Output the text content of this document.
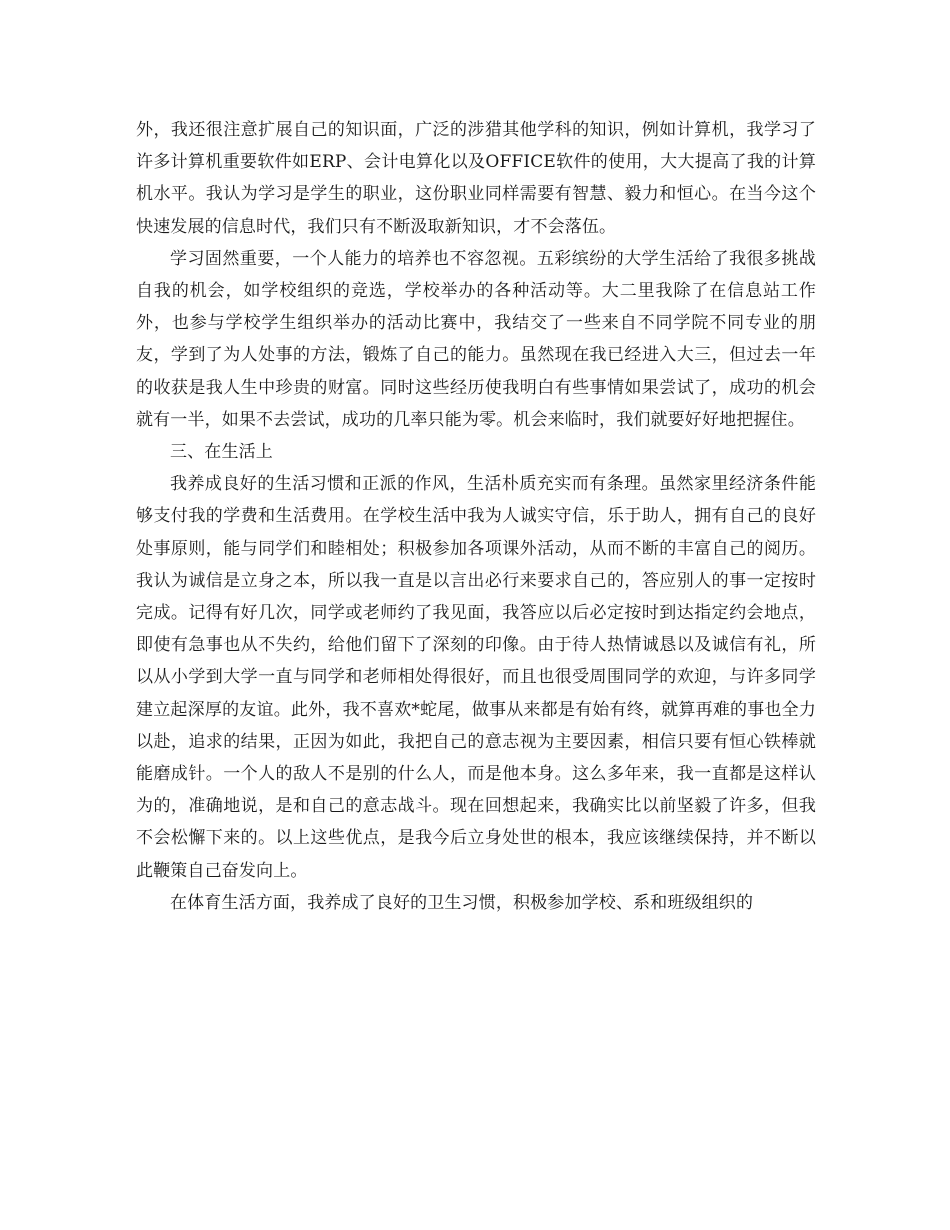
外，我还很注意扩展自己的知识面，广泛的涉猎其他学科的知识，例如计算机，我学习了许多计算机重要软件如ERP、会计电算化以及OFFICE软件的使用，大大提高了我的计算机水平。我认为学习是学生的职业，这份职业同样需要有智慧、毅力和恒心。在当今这个快速发展的信息时代，我们只有不断汲取新知识，才不会落伍。

学习固然重要，一个人能力的培养也不容忽视。五彩缤纷的大学生活给了我很多挑战自我的机会，如学校组织的竞选，学校举办的各种活动等。大二里我除了在信息站工作外，也参与学校学生组织举办的活动比赛中，我结交了一些来自不同学院不同专业的朋友，学到了为人处事的方法，锻炼了自己的能力。虽然现在我已经进入大三，但过去一年的收获是我人生中珍贵的财富。同时这些经历使我明白有些事情如果尝试了，成功的机会就有一半，如果不去尝试，成功的几率只能为零。机会来临时，我们就要好好地把握住。

三、在生活上

我养成良好的生活习惯和正派的作风，生活朴质充实而有条理。虽然家里经济条件能够支付我的学费和生活费用。在学校生活中我为人诚实守信，乐于助人，拥有自己的良好处事原则，能与同学们和睦相处；积极参加各项课外活动，从而不断的丰富自己的阅历。我认为诚信是立身之本，所以我一直是以言出必行来要求自己的，答应别人的事一定按时完成。记得有好几次，同学或老师约了我见面，我答应以后必定按时到达指定约会地点，即使有急事也从不失约，给他们留下了深刻的印像。由于待人热情诚恳以及诚信有礼，所以从小学到大学一直与同学和老师相处得很好，而且也很受周围同学的欢迎，与许多同学建立起深厚的友谊。此外，我不喜欢*蛇尾，做事从来都是有始有终，就算再难的事也全力以赴，追求的结果，正因为如此，我把自己的意志视为主要因素，相信只要有恒心铁棒就能磨成针。一个人的敌人不是别的什么人，而是他本身。这么多年来，我一直都是这样认为的，准确地说，是和自己的意志战斗。现在回想起来，我确实比以前坚毅了许多，但我不会松懈下来的。以上这些优点，是我今后立身处世的根本，我应该继续保持，并不断以此鞭策自己奋发向上。

在体育生活方面，我养成了良好的卫生习惯，积极参加学校、系和班级组织的
